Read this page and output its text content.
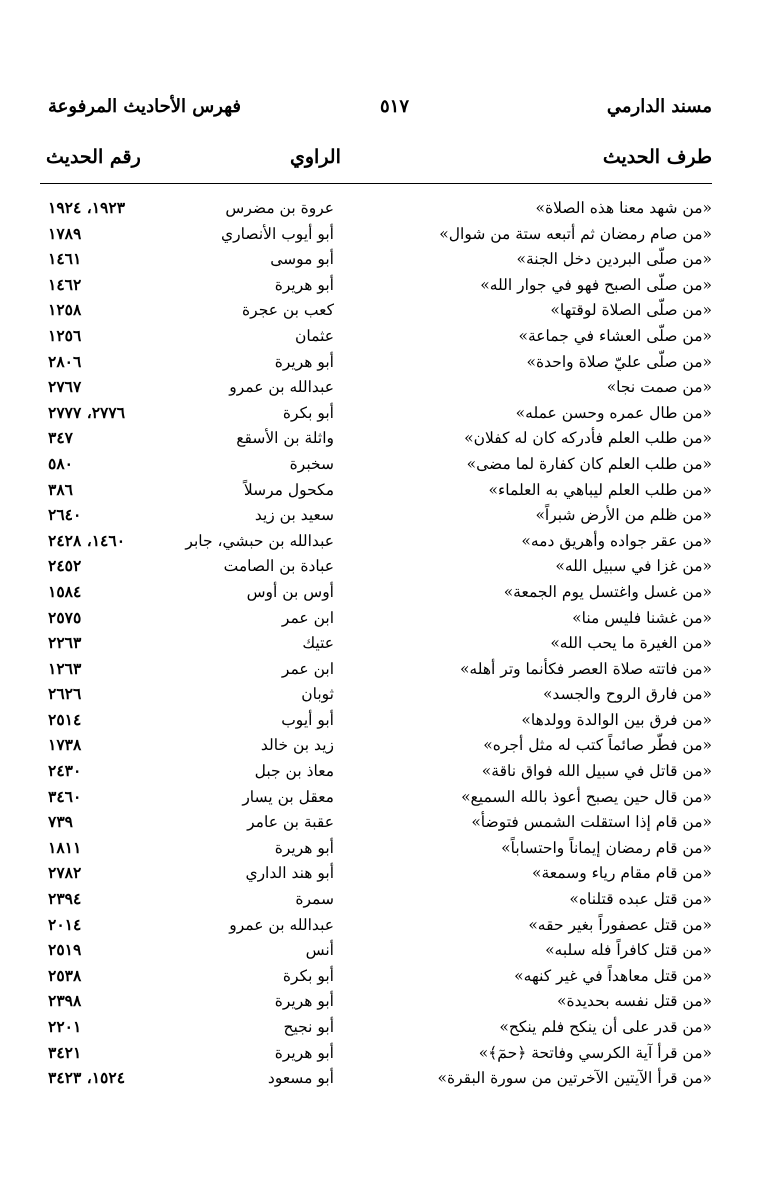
مسند الدارمي
٥١٧
فهرس الأحاديث المرفوعة
طرف الحديث
الراوي
رقم الحديث
«من شهد معنا هذه الصلاة»
عروة بن مضرس
١٩٢٣، ١٩٢٤
«من صام رمضان ثم أتبعه ستة من شوال»
أبو أيوب الأنصاري
١٧٨٩
«من صلّى البردين دخل الجنة»
أبو موسى
١٤٦١
«من صلّى الصبح فهو في جوار الله»
أبو هريرة
١٤٦٢
«من صلّى الصلاة لوقتها»
كعب بن عجرة
١٢٥٨
«من صلّى العشاء في جماعة»
عثمان
١٢٥٦
«من صلّى عليّ صلاة واحدة»
أبو هريرة
٢٨٠٦
«من صمت نجا»
عبدالله بن عمرو
٢٧٦٧
«من طال عمره وحسن عمله»
أبو بكرة
٢٧٧٦، ٢٧٧٧
«من طلب العلم فأدركه كان له كفلان»
واثلة بن الأسقع
٣٤٧
«من طلب العلم كان كفارة لما مضى»
سخبرة
٥٨٠
«من طلب العلم ليباهي به العلماء»
مكحول مرسلاً
٣٨٦
«من ظلم من الأرض شبراً»
سعيد بن زيد
٢٦٤٠
«من عقر جواده وأهريق دمه»
عبدالله بن حبشي، جابر
١٤٦٠، ٢٤٢٨
«من غزا في سبيل الله»
عبادة بن الصامت
٢٤٥٢
«من غسل واغتسل يوم الجمعة»
أوس بن أوس
١٥٨٤
«من غشنا فليس منا»
ابن عمر
٢٥٧٥
«من الغيرة ما يحب الله»
عتيك
٢٢٦٣
«من فاتته صلاة العصر فكأنما وتر أهله»
ابن عمر
١٢٦٣
«من فارق الروح والجسد»
ثوبان
٢٦٢٦
«من فرق بين الوالدة وولدها»
أبو أيوب
٢٥١٤
«من فطّر صائماً كتب له مثل أجره»
زيد بن خالد
١٧٣٨
«من قاتل في سبيل الله فواق ناقة»
معاذ بن جبل
٢٤٣٠
«من قال حين يصبح أعوذ بالله السميع»
معقل بن يسار
٣٤٦٠
«من قام إذا استقلت الشمس فتوضأ»
عقبة بن عامر
٧٣٩
«من قام رمضان إيماناً واحتساباً»
أبو هريرة
١٨١١
«من قام مقام رياء وسمعة»
أبو هند الداري
٢٧٨٢
«من قتل عبده قتلناه»
سمرة
٢٣٩٤
«من قتل عصفوراً بغير حقه»
عبدالله بن عمرو
٢٠١٤
«من قتل كافراً فله سلبه»
أنس
٢٥١٩
«من قتل معاهداً في غير كنهه»
أبو بكرة
٢٥٣٨
«من قتل نفسه بحديدة»
أبو هريرة
٢٣٩٨
«من قدر على أن ينكح فلم ينكح»
أبو نجيح
٢٢٠١
«من قرأ آية الكرسي وفاتحة ﴿حمٓ﴾»
أبو هريرة
٣٤٢١
«من قرأ الآيتين الآخرتين من سورة البقرة»
أبو مسعود
١٥٢٤، ٣٤٢٣
